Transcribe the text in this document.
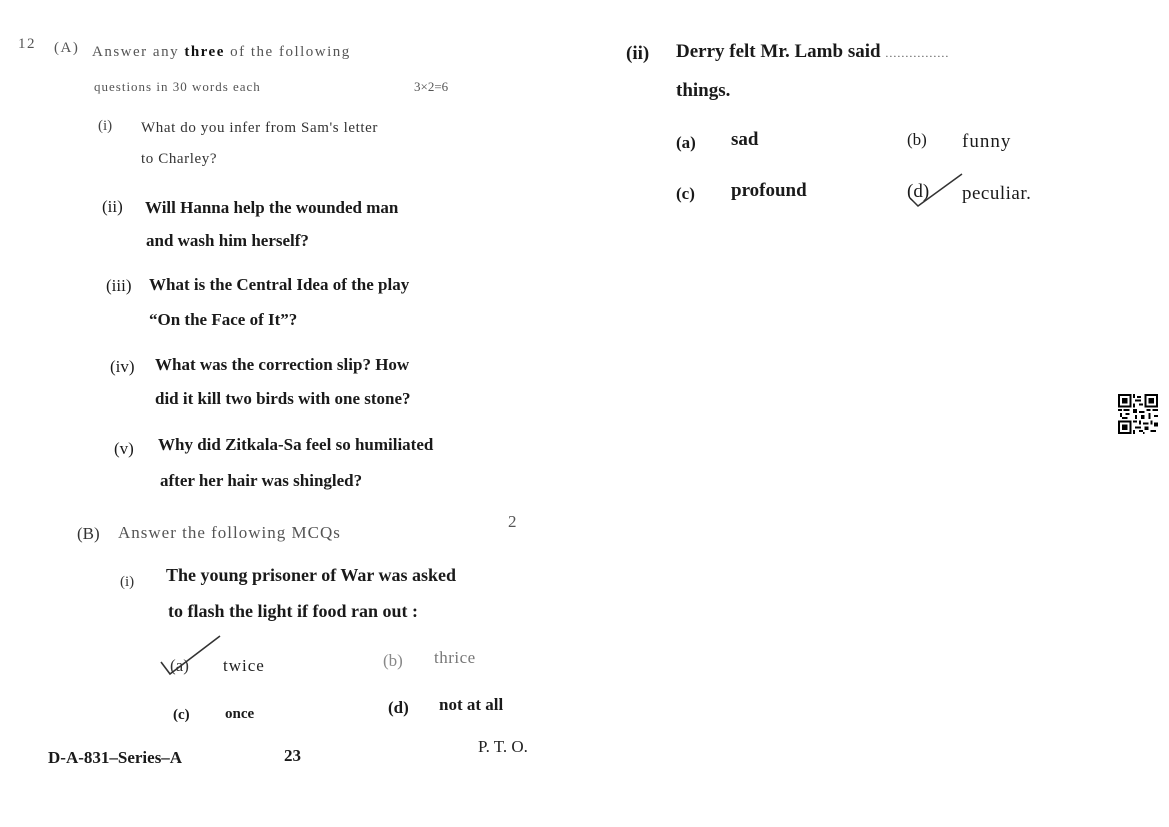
12 (A) Answer any three of the following
questions in 30 words each	3×2=6
(i) What do you infer from Sam's letter
to Charley?
(ii) Will Hanna help the wounded man
and wash him herself?
(iii) What is the Central Idea of the play
“On the Face of It”?
(iv) What was the correction slip? How
did it kill two birds with one stone?
(v) Why did Zitkala-Sa feel so humiliated
after her hair was shingled?
(B) Answer the following MCQs
2
(i) The young prisoner of War was asked
to flash the light if food ran out :
(a) twice	(b) thrice
(c) once	(d) not at all
D-A-831–Series–A	23	P. T. O.
(ii) Derry felt Mr. Lamb said ................
things.
(a) sad	(b) funny
(c) profound	(d) peculiar.
